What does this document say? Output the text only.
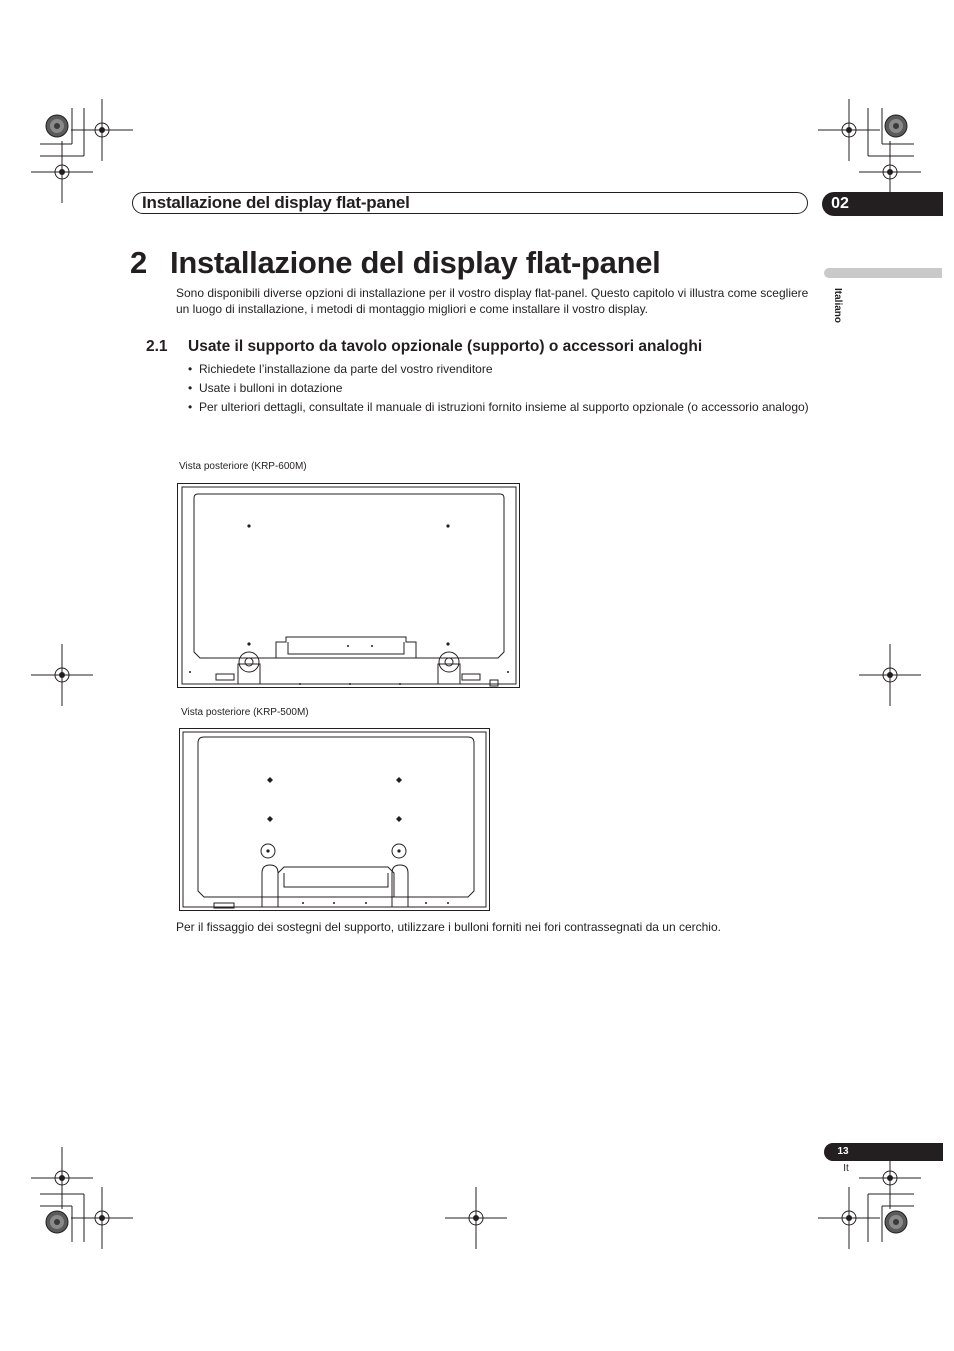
Installazione del display flat-panel	02
Italiano
2 Installazione del display flat-panel
Sono disponibili diverse opzioni di installazione per il vostro display flat-panel. Questo capitolo vi illustra come scegliere un luogo di installazione, i metodi di montaggio migliori e come installare il vostro display.
2.1 Usate il supporto da tavolo opzionale (supporto) o accessori analoghi
• Richiedete l’installazione da parte del vostro rivenditore
• Usate i bulloni in dotazione
• Per ulteriori dettagli, consultate il manuale di istruzioni fornito insieme al supporto opzionale (o accessorio analogo)
Vista posteriore (KRP-600M)
Vista posteriore (KRP-500M)
Per il fissaggio dei sostegni del supporto, utilizzare i bulloni forniti nei fori contrassegnati da un cerchio.
13
It
